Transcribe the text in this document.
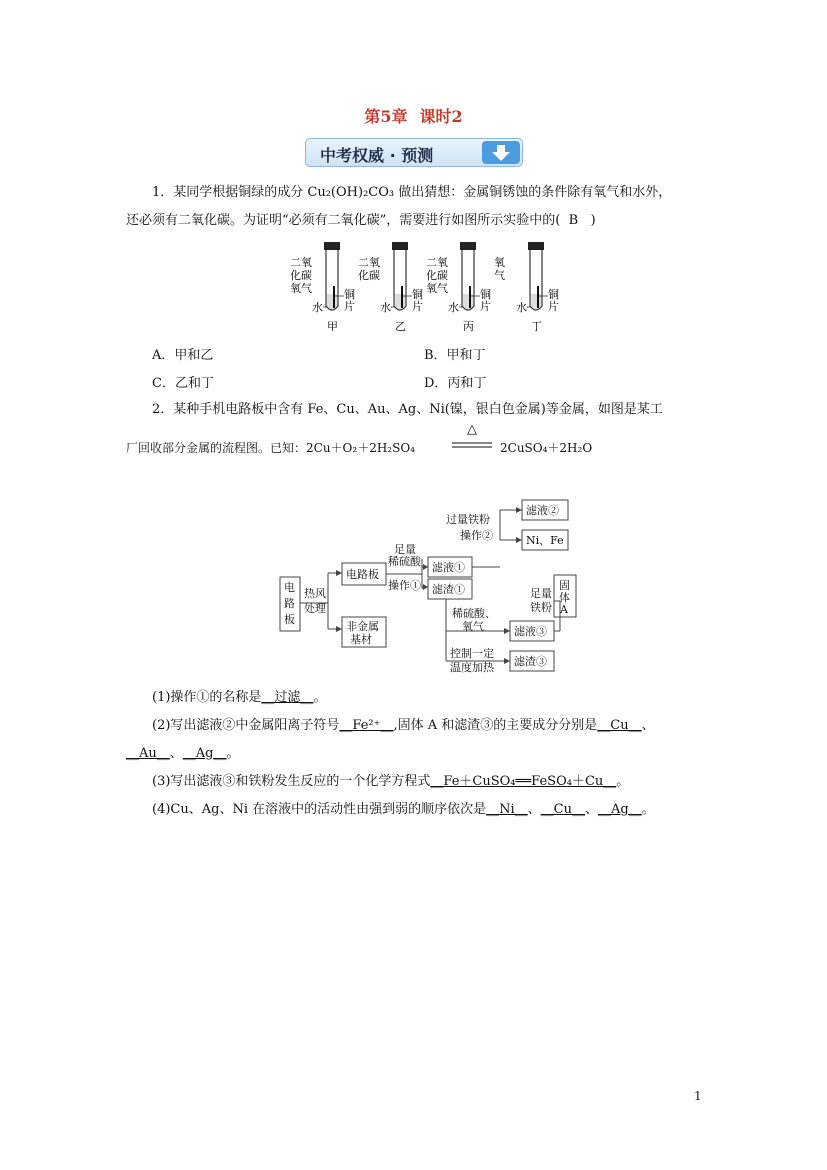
第5章 课时2
中考权威 · 预测
1．某同学根据铜绿的成分 Cu₂(OH)₂CO₃ 做出猜想：金属铜锈蚀的条件除有氧气和水外，
还必须有二氧化碳。为证明“必须有二氧化碳”，需要进行如图所示实验中的( B )
二氧
化碳
氧气
水
铜
片
甲
二氧
化碳
水
铜
片
乙
二氧
化碳
氧气
水
铜
片
丙
氧
气
水
铜
片
丁
A．甲和乙	B．甲和丁
C．乙和丁	D．丙和丁
2．某种手机电路板中含有 Fe、Cu、Au、Ag、Ni(镍，银白色金属)等金属，如图是某工
厂回收部分金属的流程图。已知：2Cu＋O₂＋2H₂SO₄
△
2CuSO₄＋2H₂O
电
路
板
热风
处理
电路板
非金属
基材
足量
稀硫酸
操作①
滤液①
滤渣①
过量铁粉
操作②
滤液②
Ni、Fe
稀硫酸、
氧气
控制一定
温度加热
滤液③
滤渣③
足量
铁粉
固
体
A
(1)操作①的名称是__过滤__。
(2)写出滤液②中金属阳离子符号__Fe²⁺__,固体 A 和滤渣③的主要成分分别是__Cu__、
__Au__、__Ag__。
(3)写出滤液③和铁粉发生反应的一个化学方程式__Fe＋CuSO₄══FeSO₄＋Cu__。
(4)Cu、Ag、Ni 在溶液中的活动性由强到弱的顺序依次是__Ni__、__Cu__、__Ag__。
1
